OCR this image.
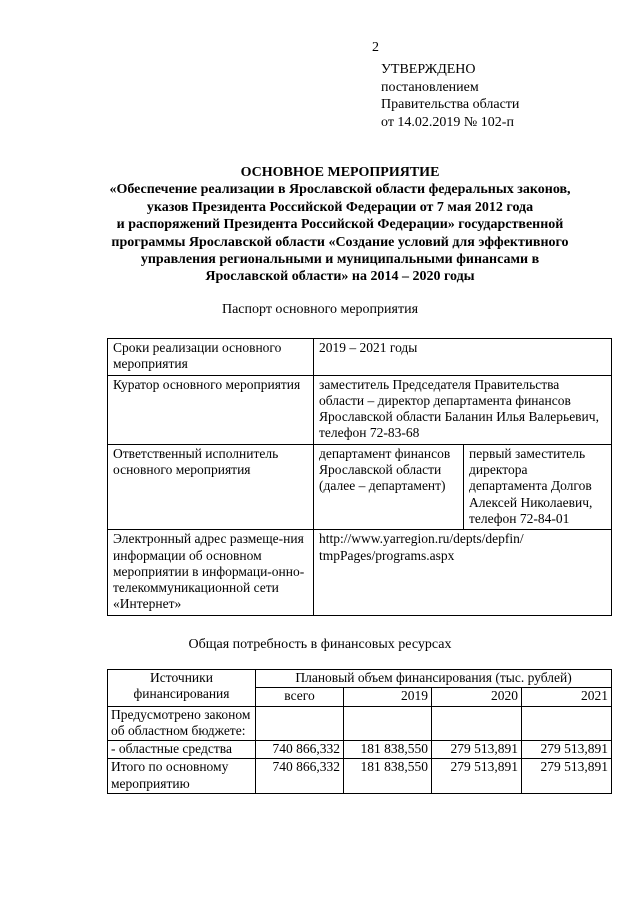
2
УТВЕРЖДЕНО
постановлением
Правительства области
от 14.02.2019 № 102-п
ОСНОВНОЕ МЕРОПРИЯТИЕ
«Обеспечение реализации в Ярославской области федеральных законов,
указов Президента Российской Федерации от 7 мая 2012 года
и распоряжений Президента Российской Федерации» государственной
программы Ярославской области «Создание условий для эффективного
управления региональными и муниципальными финансами в
Ярославской области» на 2014 – 2020 годы
Паспорт основного мероприятия
Сроки реализации основного мероприятия	2019 – 2021 годы	
Куратор основного мероприятия	заместитель Председателя Правительства области – директор департамента финансов Ярославской области Баланин Илья Валерьевич, телефон 72-83-68	
Ответственный исполнитель основного мероприятия	департамент финансов Ярославской области (далее – департамент)	первый заместитель директора департамента Долгов Алексей Николаевич, телефон 72-84-01
Электронный адрес размеще-ния информации об основном мероприятии в информаци-онно-телекоммуникационной сети «Интернет»	http://www.yarregion.ru/depts/depfin/ tmpPages/programs.aspx	
Общая потребность в финансовых ресурсах
Источники финансирования	Плановый объем финансирования (тыс. рублей)			
	всего	2019	2020	2021
Предусмотрено законом об областном бюджете:				
- областные средства	740 866,332	181 838,550	279 513,891	279 513,891
Итого по основному мероприятию	740 866,332	181 838,550	279 513,891	279 513,891
